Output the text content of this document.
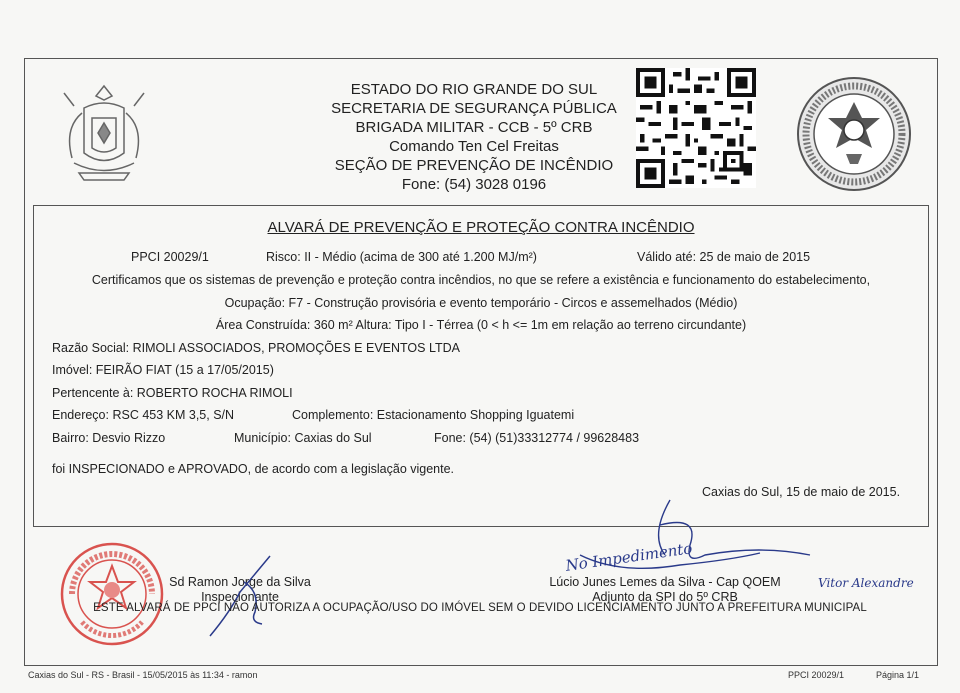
ESTADO DO RIO GRANDE DO SUL
SECRETARIA DE SEGURANÇA PÚBLICA
BRIGADA MILITAR - CCB - 5º CRB
Comando Ten Cel Freitas
SEÇÃO DE PREVENÇÃO DE INCÊNDIO
Fone: (54) 3028 0196
ALVARÁ DE PREVENÇÃO E PROTEÇÃO CONTRA INCÊNDIO
PPCI 20029/1	Risco: II - Médio (acima de 300 até 1.200 MJ/m²)	Válido até: 25 de maio de 2015
Certificamos que os sistemas de prevenção e proteção contra incêndios, no que se refere a existência e funcionamento do estabelecimento,
Ocupação: F7 - Construção provisória e evento temporário - Circos e assemelhados (Médio)
Área Construída: 360 m² Altura: Tipo I - Térrea (0 < h <= 1m em relação ao terreno circundante)
Razão Social: RIMOLI ASSOCIADOS, PROMOÇÕES E EVENTOS LTDA
Imóvel: FEIRÃO FIAT (15 a 17/05/2015)
Pertencente à: ROBERTO ROCHA RIMOLI
Endereço: RSC 453 KM 3,5, S/N	Complemento: Estacionamento Shopping Iguatemi
Bairro: Desvio Rizzo	Município: Caxias do Sul	Fone: (54) (51)33312774 / 99628483
foi INSPECIONADO e APROVADO, de acordo com a legislação vigente.
Caxias do Sul, 15 de maio de 2015.
Sd Ramon Jorge da Silva
Inspecionante
Lúcio Junes Lemes da Silva - Cap QOEM
Adjunto da SPI do 5º CRB
No Impedimento
Vitor Alexandre
ESTE ALVARÁ DE PPCI NÃO AUTORIZA A OCUPAÇÃO/USO DO IMÓVEL SEM O DEVIDO LICENCIAMENTO JUNTO A PREFEITURA MUNICIPAL
Caxias do Sul - RS - Brasil - 15/05/2015 às 11:34 - ramon	PPCI 20029/1	Página 1/1
